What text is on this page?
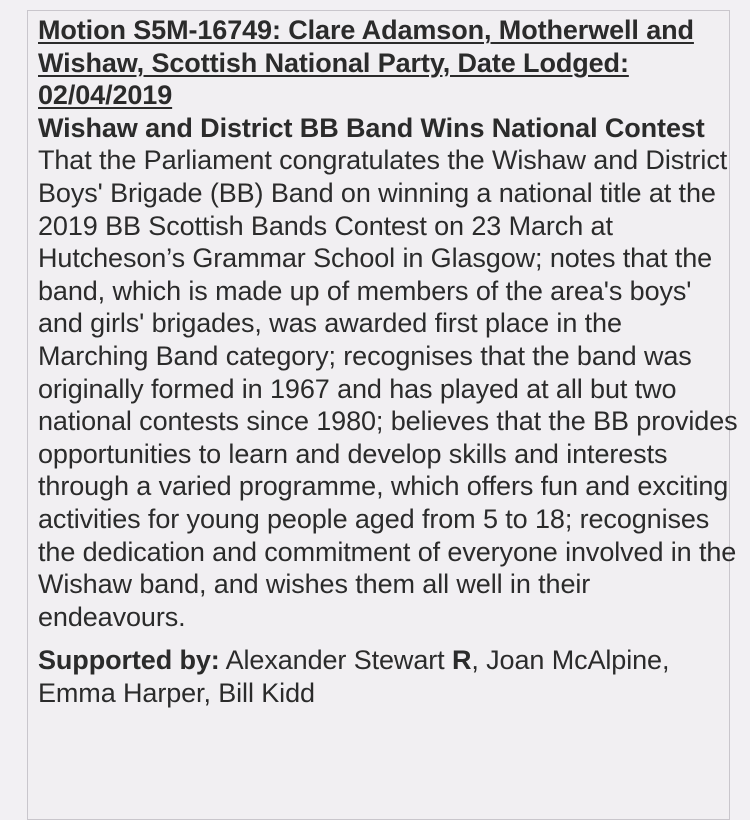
Motion S5M-16749: Clare Adamson, Motherwell and Wishaw, Scottish National Party, Date Lodged: 02/04/2019

Wishaw and District BB Band Wins National Contest

That the Parliament congratulates the Wishaw and District Boys' Brigade (BB) Band on winning a national title at the 2019 BB Scottish Bands Contest on 23 March at Hutcheson’s Grammar School in Glasgow; notes that the band, which is made up of members of the area's boys' and girls' brigades, was awarded first place in the Marching Band category; recognises that the band was originally formed in 1967 and has played at all but two national contests since 1980; believes that the BB provides opportunities to learn and develop skills and interests through a varied programme, which offers fun and exciting activities for young people aged from 5 to 18; recognises the dedication and commitment of everyone involved in the Wishaw band, and wishes them all well in their endeavours.

Supported by: Alexander Stewart R, Joan McAlpine, Emma Harper, Bill Kidd
